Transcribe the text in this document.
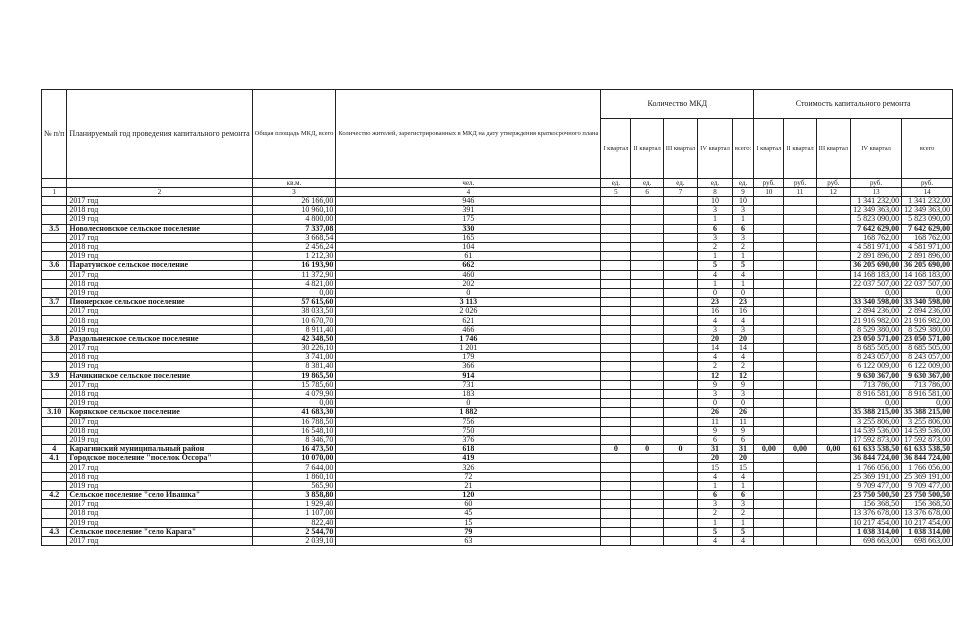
№ п/п	Планируемый год проведения капитального ремонта	Общая площадь МКД, всего	Количество жителей, зарегистрированных в МКД на дату утверждения краткосрочного плана	Количество МКД					Стоимость капитального ремонта				
				I квартал	II квартал	III квартал	IV квартал	всего:	I квартал	II квартал	III квартал	IV квартал	всего
		кв.м.	чел.	ед.	ед.	ед.	ед.	ед.	руб.	руб.	руб.	руб.	руб.
1	2	3	4	5	6	7	8	9	10	11	12	13	14
	2017 год	26 166,00	946				10	10				1 341 232,00	1 341 232,00
	2018 год	10 960,10	391				3	3				12 349 363,00	12 349 363,00
	2019 год	4 800,00	175				1	1				5 823 090,00	5 823 090,00
3.5	Новолесновское сельское поселение	7 337,08	330				6	6				7 642 629,00	7 642 629,00
	2017 год	3 668,54	165				3	3				168 762,00	168 762,00
	2018 год	2 456,24	104				2	2				4 581 971,00	4 581 971,00
	2019 год	1 212,30	61				1	1				2 891 896,00	2 891 896,00
3.6	Паратунское сельское поселение	16 193,90	662				5	5				36 205 690,00	36 205 690,00
	2017 год	11 372,90	460				4	4				14 168 183,00	14 168 183,00
	2018 год	4 821,00	202				1	1				22 037 507,00	22 037 507,00
	2019 год	0,00	0				0	0				0,00	0,00
3.7	Пионерское сельское поселение	57 615,60	3 113				23	23				33 340 598,00	33 340 598,00
	2017 год	38 033,50	2 026				16	16				2 894 236,00	2 894 236,00
	2018 год	10 670,70	621				4	4				21 916 982,00	21 916 982,00
	2019 год	8 911,40	466				3	3				8 529 380,00	8 529 380,00
3.8	Раздольненское сельское поселение	42 348,50	1 746				20	20				23 050 571,00	23 050 571,00
	2017 год	30 226,10	1 201				14	14				8 685 505,00	8 685 505,00
	2018 год	3 741,00	179				4	4				8 243 057,00	8 243 057,00
	2019 год	8 381,40	366				2	2				6 122 009,00	6 122 009,00
3.9	Начикинское сельское поселение	19 865,50	914				12	12				9 630 367,00	9 630 367,00
	2017 год	15 785,60	731				9	9				713 786,00	713 786,00
	2018 год	4 079,90	183				3	3				8 916 581,00	8 916 581,00
	2019 год	0,00	0				0	0				0,00	0,00
3.10	Корякское сельское поселение	41 683,30	1 882				26	26				35 388 215,00	35 388 215,00
	2017 год	16 788,50	756				11	11				3 255 806,00	3 255 806,00
	2018 год	16 548,10	750				9	9				14 539 536,00	14 539 536,00
	2019 год	8 346,70	376				6	6				17 592 873,00	17 592 873,00
4	Карагинский муниципальный район	16 473,50	618	0	0	0	31	31	0,00	0,00	0,00	61 633 538,50	61 633 538,50
4.1	Городское поселение "поселок Оссора"	10 070,00	419				20	20				36 844 724,00	36 844 724,00
	2017 год	7 644,00	326				15	15				1 766 056,00	1 766 056,00
	2018 год	1 860,10	72				4	4				25 369 191,00	25 369 191,00
	2019 год	565,90	21				1	1				9 709 477,00	9 709 477,00
4.2	Сельское поселение "село Ивашка"	3 858,80	120				6	6				23 750 500,50	23 750 500,50
	2017 год	1 929,40	60				3	3				156 368,50	156 368,50
	2018 год	1 107,00	45				2	2				13 376 678,00	13 376 678,00
	2019 год	822,40	15				1	1				10 217 454,00	10 217 454,00
4.3	Сельское поселение "село Карага"	2 544,70	79				5	5				1 038 314,00	1 038 314,00
	2017 год	2 039,10	63				4	4				698 663,00	698 663,00
